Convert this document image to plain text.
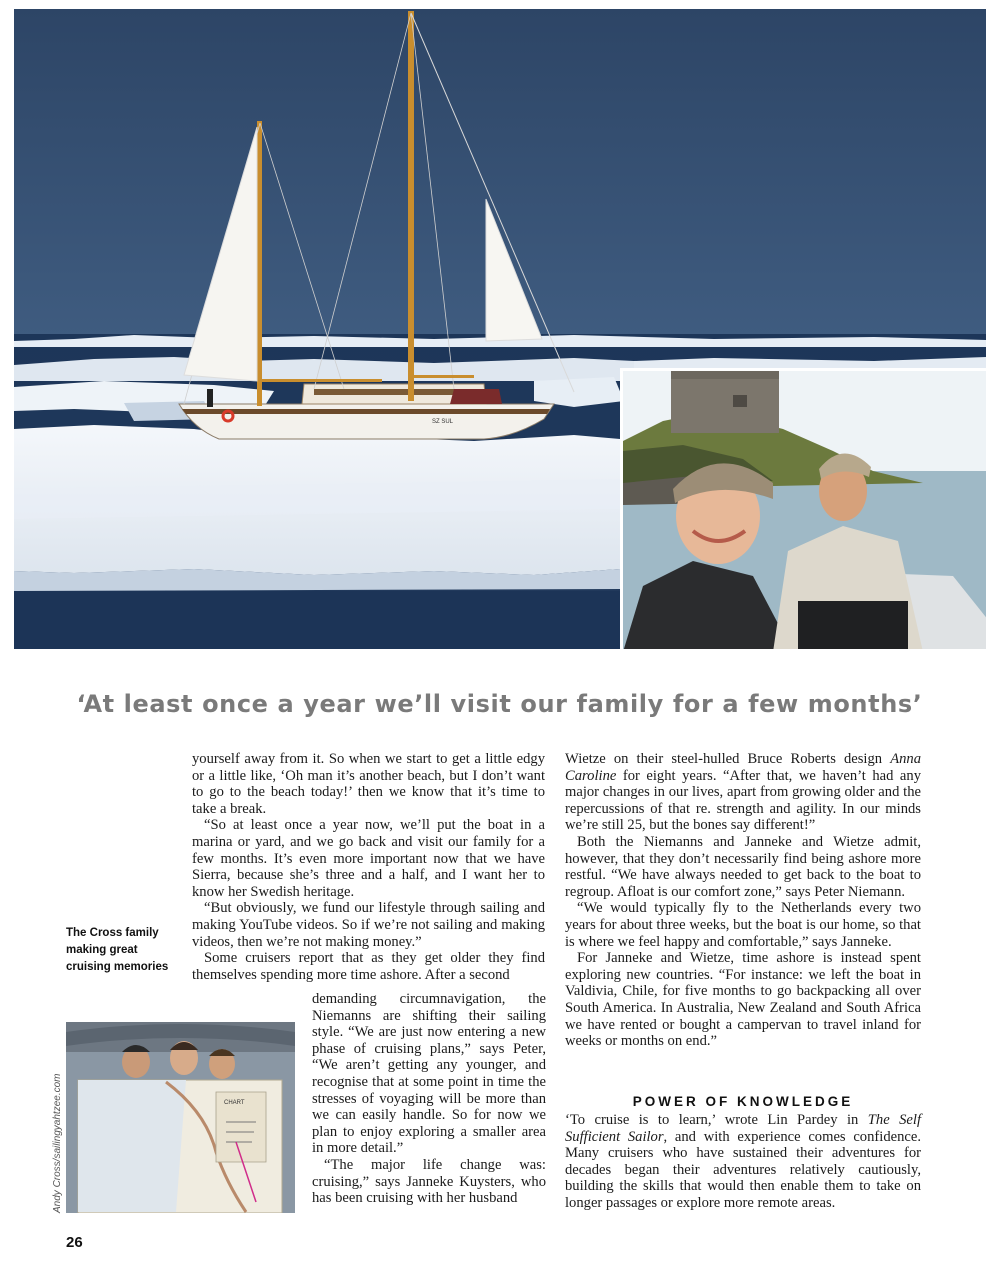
SZ SUL
‘At least once a year we’ll visit our family for a few months’

yourself away from it. So when we start to get a little edgy or a little like, ‘Oh man it’s another beach, but I don’t want to go to the beach today!’ then we know that it’s time to take a break.

“So at least once a year now, we’ll put the boat in a marina or yard, and we go back and visit our family for a few months. It’s even more important now that we have Sierra, because she’s three and a half, and I want her to know her Swedish heritage.

“But obviously, we fund our lifestyle through sailing and making YouTube videos. So if we’re not sailing and making videos, then we’re not making money.”

Some cruisers report that as they get older they find themselves spending more time ashore. After a second

demanding circumnavigation, the Niemanns are shifting their sailing style. “We are just now entering a new phase of cruising plans,” says Peter, “We aren’t getting any younger, and recognise that at some point in time the stresses of voyaging will be more than we can easily handle. So for now we plan to enjoy exploring a smaller area in more detail.”

“The major life change was: cruising,” says Janneke Kuysters, who has been cruising with her husband

The Cross family making great cruising memories
CHART
Andy Cross/sailingyahtzee.com

Wietze on their steel-hulled Bruce Roberts design Anna Caroline for eight years. “After that, we haven’t had any major changes in our lives, apart from growing older and the repercussions of that re. strength and agility. In our minds we’re still 25, but the bones say different!”

Both the Niemanns and Janneke and Wietze admit, however, that they don’t necessarily find being ashore more restful. “We have always needed to get back to the boat to regroup. Afloat is our comfort zone,” says Peter Niemann.

“We would typically fly to the Netherlands every two years for about three weeks, but the boat is our home, so that is where we feel happy and comfortable,” says Janneke.

For Janneke and Wietze, time ashore is instead spent exploring new countries. “For instance: we left the boat in Valdivia, Chile, for five months to go backpacking all over South America. In Australia, New Zealand and South Africa we have rented or bought a campervan to travel inland for weeks or months on end.”

POWER OF KNOWLEDGE

‘To cruise is to learn,’ wrote Lin Pardey in The Self Sufficient Sailor, and with experience comes confidence. Many cruisers who have sustained their adventures for decades began their adventures relatively cautiously, building the skills that would then enable them to take on longer passages or explore more remote areas.

26
